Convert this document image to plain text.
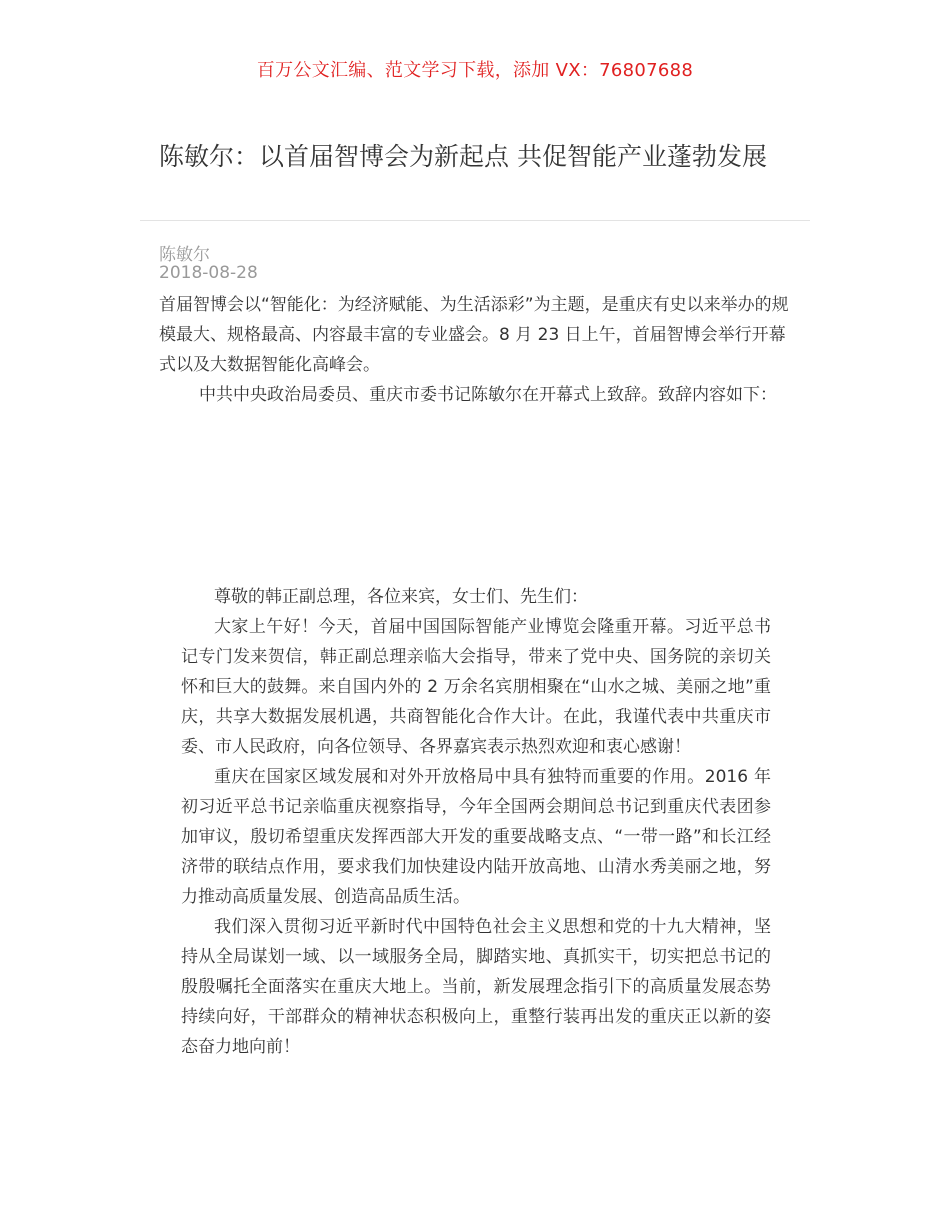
百万公文汇编、范文学习下载，添加 VX：76807688
陈敏尔：以首届智博会为新起点 共促智能产业蓬勃发展
陈敏尔
2018-08-28

首届智博会以“智能化：为经济赋能、为生活添彩”为主题，是重庆有史以来举办的规模最大、规格最高、内容最丰富的专业盛会。8 月 23 日上午，首届智博会举行开幕式以及大数据智能化高峰会。

中共中央政治局委员、重庆市委书记陈敏尔在开幕式上致辞。致辞内容如下：

尊敬的韩正副总理，各位来宾，女士们、先生们：

大家上午好！今天，首届中国国际智能产业博览会隆重开幕。习近平总书记专门发来贺信，韩正副总理亲临大会指导，带来了党中央、国务院的亲切关怀和巨大的鼓舞。来自国内外的 2 万余名宾朋相聚在“山水之城、美丽之地”重庆，共享大数据发展机遇，共商智能化合作大计。在此，我谨代表中共重庆市委、市人民政府，向各位领导、各界嘉宾表示热烈欢迎和衷心感谢！

重庆在国家区域发展和对外开放格局中具有独特而重要的作用。2016 年初习近平总书记亲临重庆视察指导，今年全国两会期间总书记到重庆代表团参加审议，殷切希望重庆发挥西部大开发的重要战略支点、“一带一路”和长江经济带的联结点作用，要求我们加快建设内陆开放高地、山清水秀美丽之地，努力推动高质量发展、创造高品质生活。

我们深入贯彻习近平新时代中国特色社会主义思想和党的十九大精神，坚持从全局谋划一域、以一域服务全局，脚踏实地、真抓实干，切实把总书记的殷殷嘱托全面落实在重庆大地上。当前，新发展理念指引下的高质量发展态势持续向好，干部群众的精神状态积极向上，重整行装再出发的重庆正以新的姿态奋力地向前！
